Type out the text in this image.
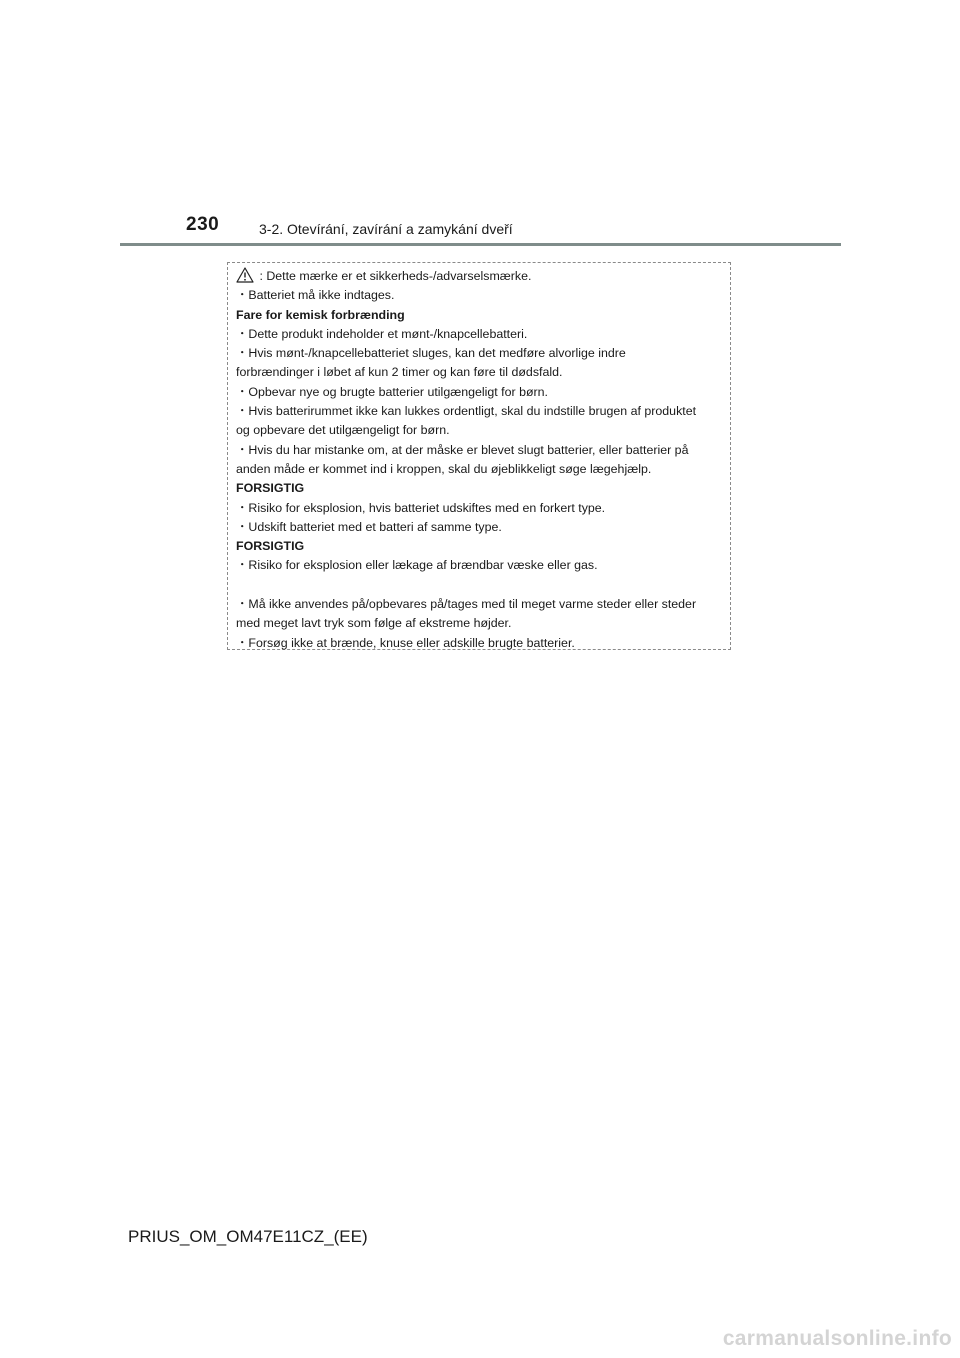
230	3-2. Otevírání, zavírání a zamykání dveří
: Dette mærke er et sikkerheds-/advarselsmærke.
・Batteriet må ikke indtages.
Fare for kemisk forbrænding
・Dette produkt indeholder et mønt-/knapcellebatteri.
・Hvis mønt-/knapcellebatteriet sluges, kan det medføre alvorlige indre
forbrændinger i løbet af kun 2 timer og kan føre til dødsfald.
・Opbevar nye og brugte batterier utilgængeligt for børn.
・Hvis batterirummet ikke kan lukkes ordentligt, skal du indstille brugen af produktet
og opbevare det utilgængeligt for børn.
・Hvis du har mistanke om, at der måske er blevet slugt batterier, eller batterier på
anden måde er kommet ind i kroppen, skal du øjeblikkeligt søge lægehjælp.
FORSIGTIG
・Risiko for eksplosion, hvis batteriet udskiftes med en forkert type.
・Udskift batteriet med et batteri af samme type.
FORSIGTIG
・Risiko for eksplosion eller lækage af brændbar væske eller gas.
・Må ikke anvendes på/opbevares på/tages med til meget varme steder eller steder
med meget lavt tryk som følge af ekstreme højder.
・Forsøg ikke at brænde, knuse eller adskille brugte batterier.
PRIUS_OM_OM47E11CZ_(EE)
carmanualsonline.info
